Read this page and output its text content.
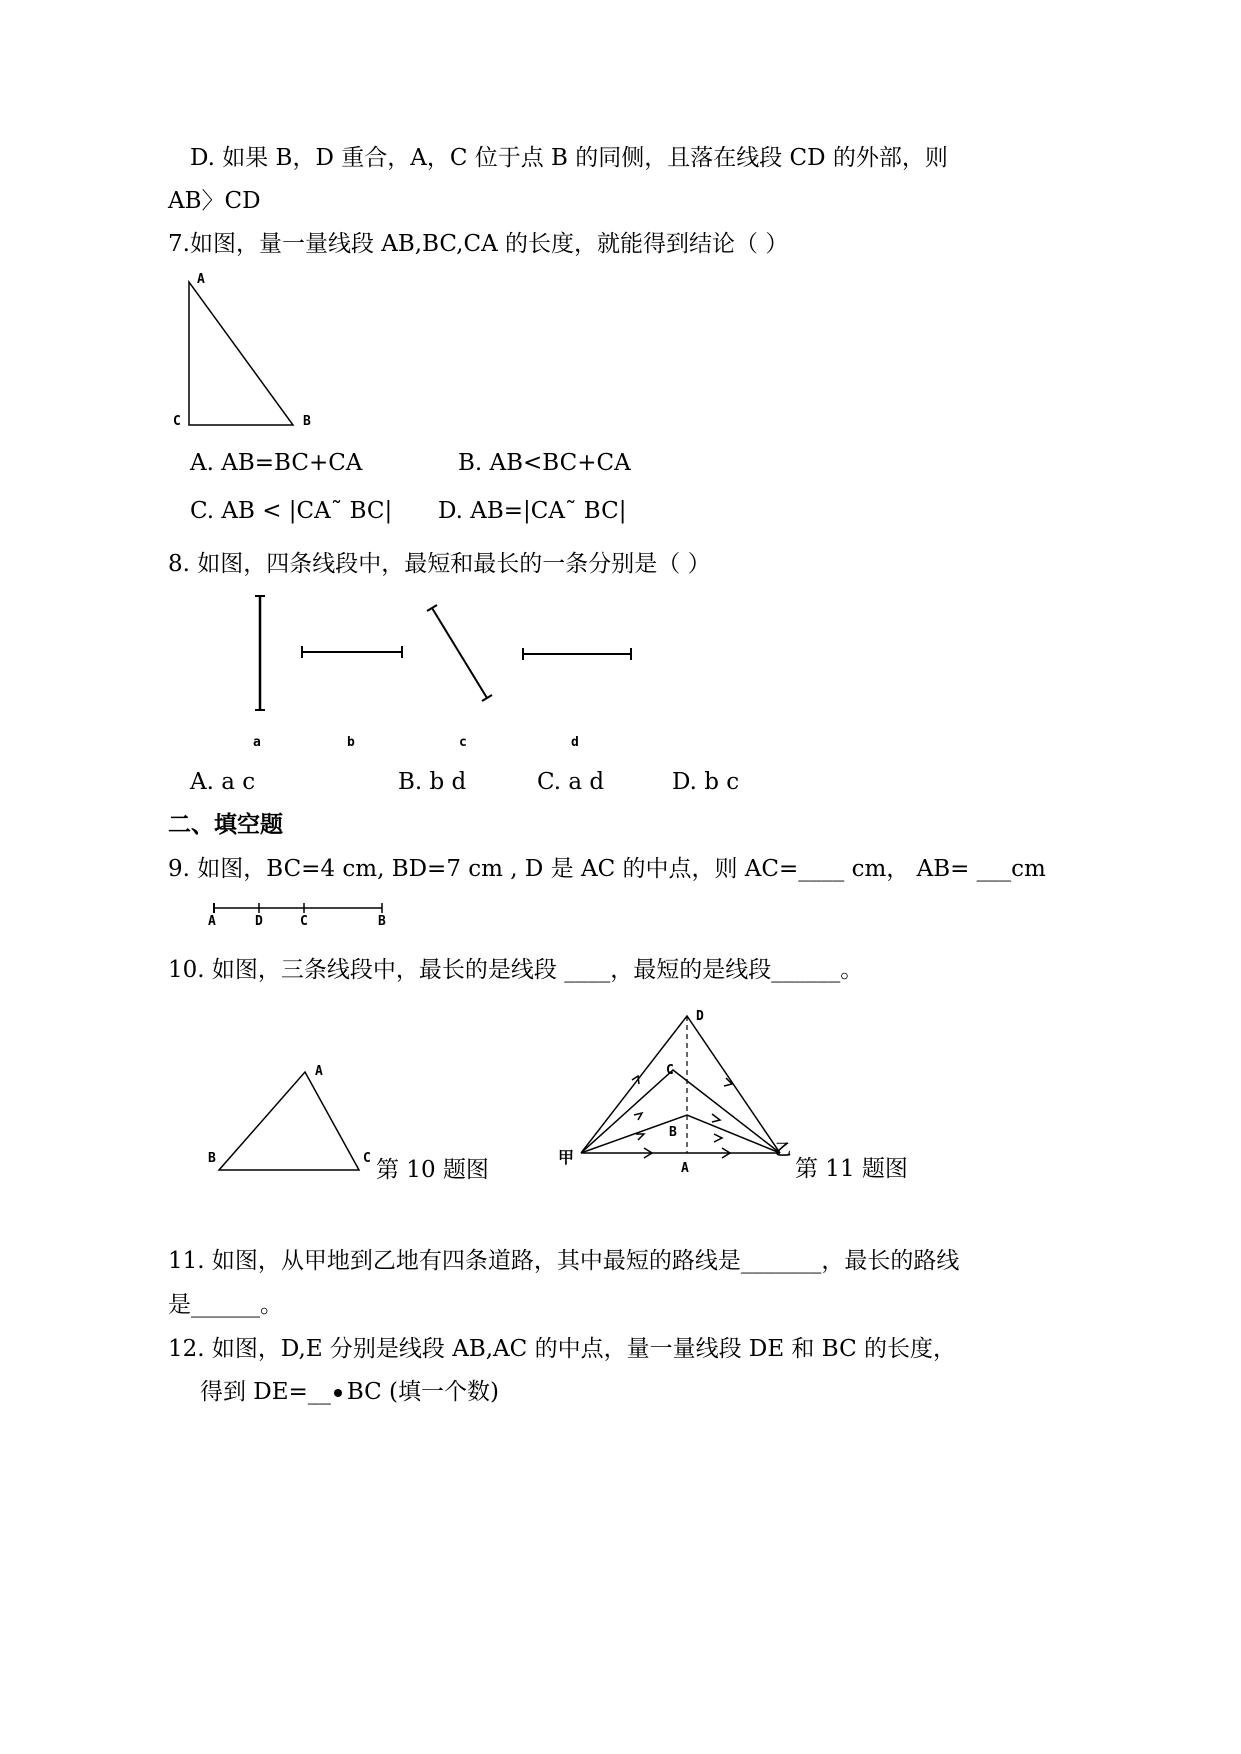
D. 如果 B，D 重合，A，C 位于点 B 的同侧，且落在线段 CD 的外部，则
AB〉CD
7.如图，量一量线段 AB,BC,CA 的长度，就能得到结论（ ）
A
C	B
A. AB=BC+CA	B. AB<BC+CA
C. AB < |CA˜ BC| D. AB=|CA˜ BC|
8. 如图，四条线段中，最短和最长的一条分别是（ ）
a	b	c	d
A. a c	B. b d	C. a d	D. b c
二、填空题
9. 如图，BC=4 cm, BD=7 cm , D 是 AC 的中点，则 AC=____ cm， AB= ___cm
A	D	C	B
10. 如图，三条线段中，最长的是线段 ____，最短的是线段______。
A
B	C 第 10 题图
D
C
B
A
甲	乙
第 11 题图
11. 如图，从甲地到乙地有四条道路，其中最短的路线是_______，最长的路线
是______。
12. 如图，D,E 分别是线段 AB,AC 的中点，量一量线段 DE 和 BC 的长度，
得到 DE=__ BC (填一个数)
